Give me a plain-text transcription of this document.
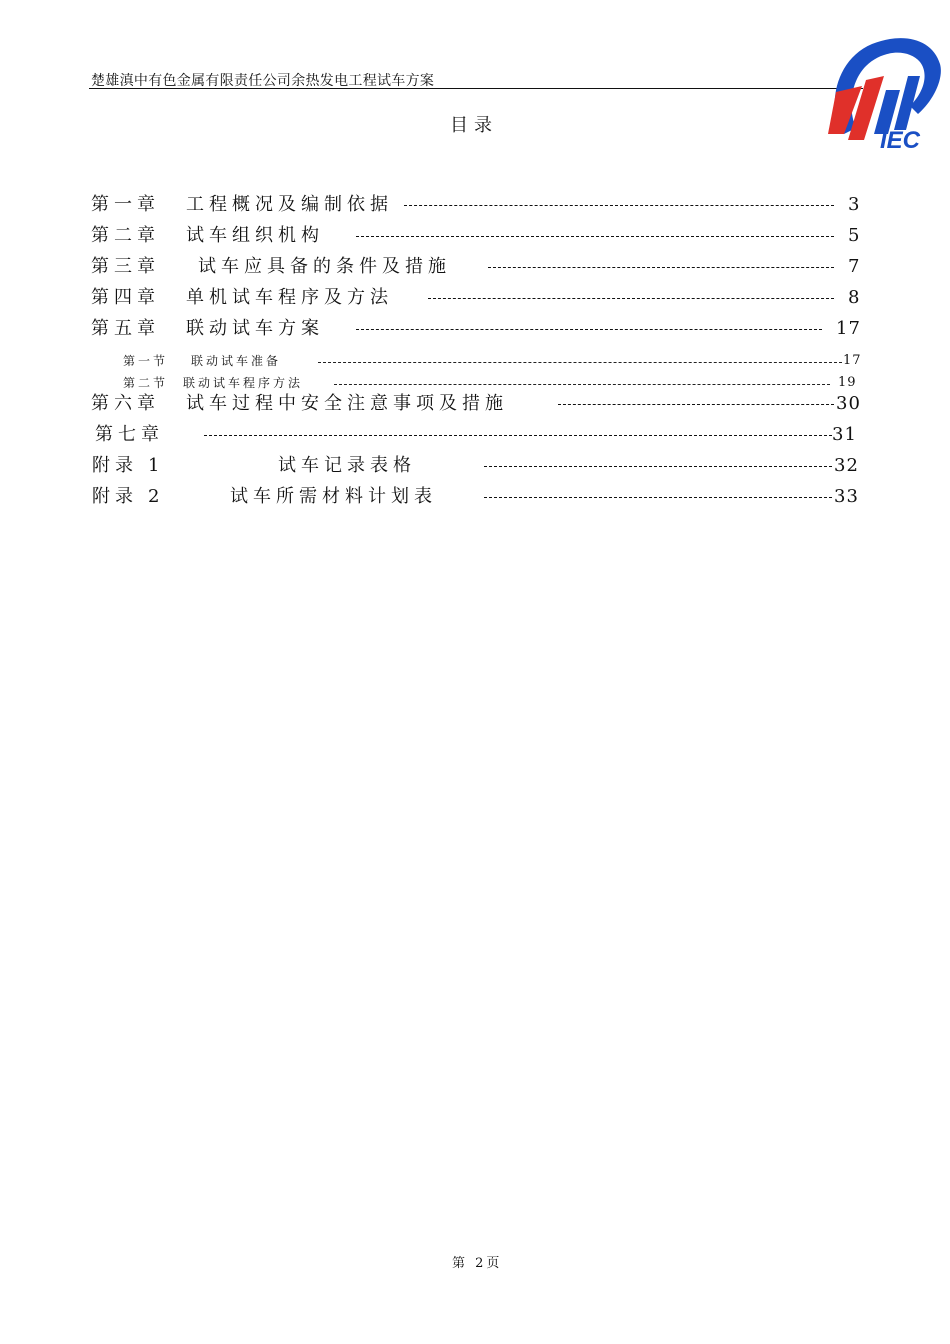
楚雄滇中有色金属有限责任公司余热发电工程试车方案
IEC
目录
第一章 工程概况及编制依据	3
第二章 试车组织机构	5
第三章 试车应具备的条件及措施	7
第四章 单机试车程序及方法	8
第五章 联动试车方案	17
第一节 联动试车准备	17
第二节 联动试车程序方法	19
第六章 试车过程中安全注意事项及措施	30
第七章	31
附录 1	试车记录表格	32
附录 2	试车所需材料计划表	33
第 2页
